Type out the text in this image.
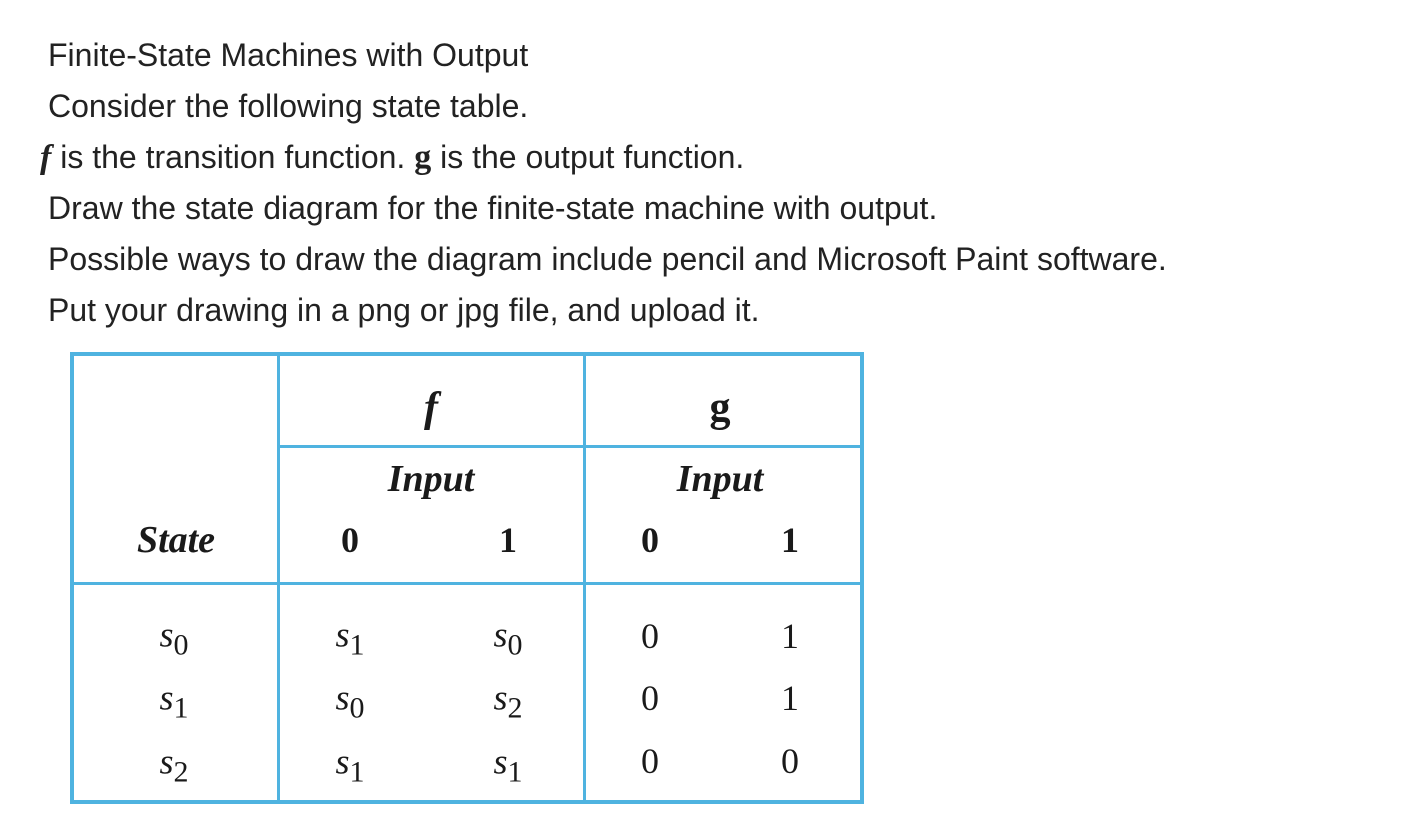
Finite-State Machines with Output
Consider the following state table.
f is the transition function. g is the output function.
Draw the state diagram for the finite-state machine with output.
Possible ways to draw the diagram include pencil and Microsoft Paint software.
Put your drawing in a png or jpg file, and upload it.
f	g
Input	Input
State	0	1	0	1
$s_0$	$s_1$	$s_0$	0	1
$s_1$	$s_0$	$s_2$	0	1
$s_2$	$s_1$	$s_1$	0	0
